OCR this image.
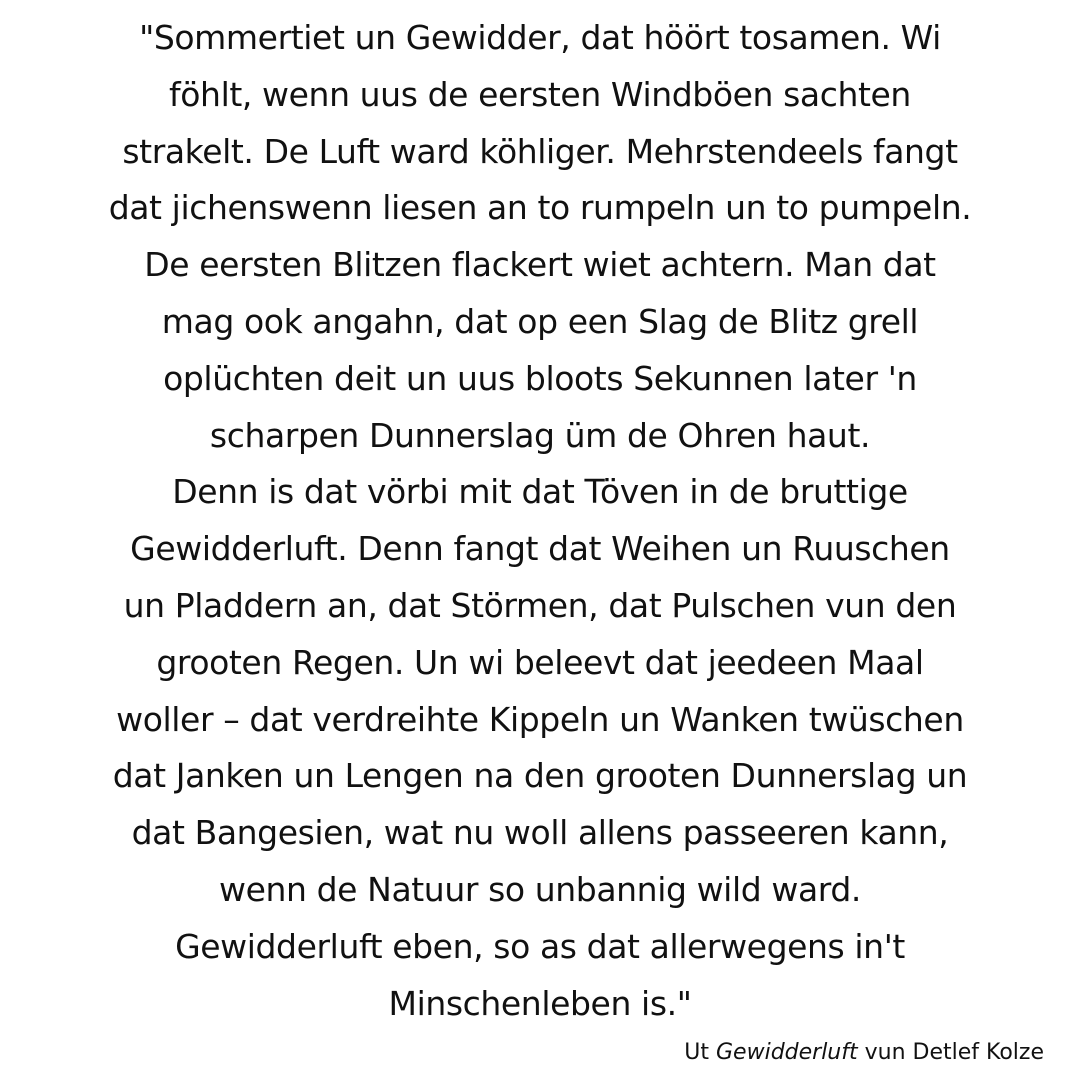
"Sommertiet un Gewidder, dat höört tosamen. Wi
föhlt, wenn uus de eersten Windböen sachten
strakelt. De Luft ward köhliger. Mehrstendeels fangt
dat jichenswenn liesen an to rumpeln un to pumpeln.
De eersten Blitzen flackert wiet achtern. Man dat
mag ook angahn, dat op een Slag de Blitz grell
oplüchten deit un uus bloots Sekunnen later 'n
scharpen Dunnerslag üm de Ohren haut.
Denn is dat vörbi mit dat Töven in de bruttige
Gewidderluft. Denn fangt dat Weihen un Ruuschen
un Pladdern an, dat Störmen, dat Pulschen vun den
grooten Regen. Un wi beleevt dat jeedeen Maal
woller – dat verdreihte Kippeln un Wanken twüschen
dat Janken un Lengen na den grooten Dunnerslag un
dat Bangesien, wat nu woll allens passeeren kann,
wenn de Natuur so unbannig wild ward.
Gewidderluft eben, so as dat allerwegens in't
Minschenleben is."
Ut Gewidderluft vun Detlef Kolze
